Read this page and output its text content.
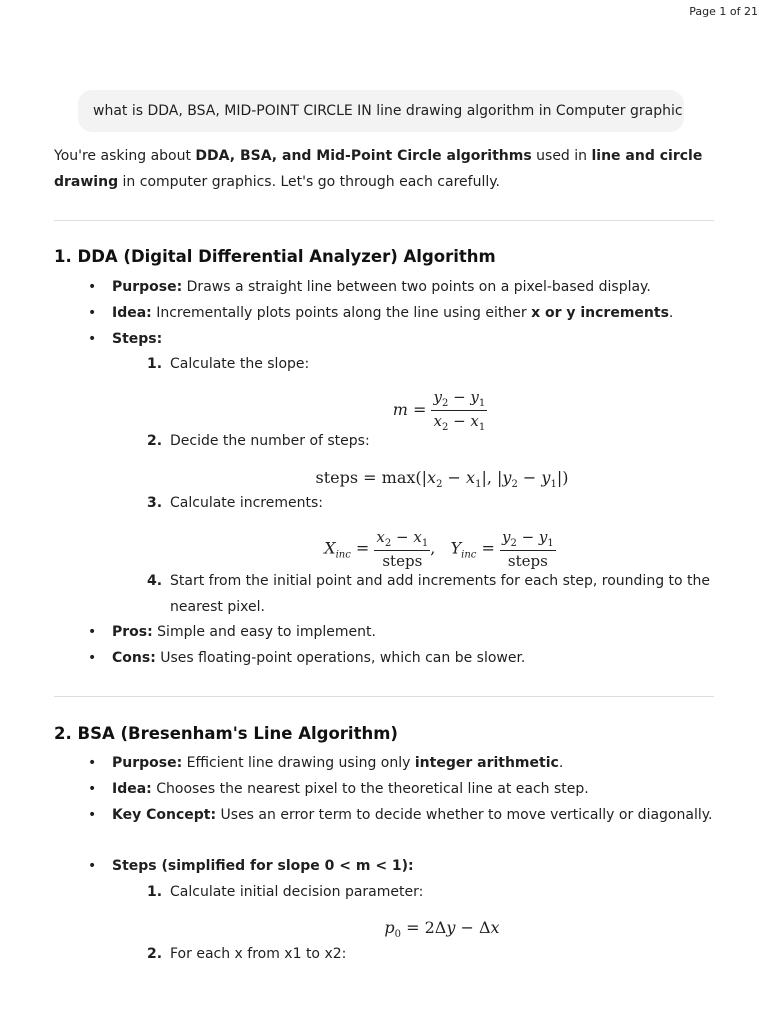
Page 1 of 21
what is DDA, BSA, MID-POINT CIRCLE IN line drawing algorithm in Computer graphic
You're asking about DDA, BSA, and Mid-Point Circle algorithms used in line and circle drawing in computer graphics. Let's go through each carefully.
1. DDA (Digital Differential Analyzer) Algorithm
• Purpose: Draws a straight line between two points on a pixel-based display.
• Idea: Incrementally plots points along the line using either x or y increments.
• Steps:
1. Calculate the slope:
$m = \frac{y_2 - y_1}{x_2 - x_1}$
2. Decide the number of steps:
steps = $\max(|x_2 - x_1|$, $|y_2 - y_1|$)
3. Calculate increments:
$X_{inc} = \frac{x_2 - x_1}{\text{steps}}$ ,   $Y_{inc} = \frac{y_2 - y_1}{\text{steps}}$
4. Start from the initial point and add increments for each step, rounding to the nearest pixel.
• Pros: Simple and easy to implement.
• Cons: Uses floating-point operations, which can be slower.
2. BSA (Bresenham's Line Algorithm)
• Purpose: Efficient line drawing using only integer arithmetic.
• Idea: Chooses the nearest pixel to the theoretical line at each step.
• Key Concept: Uses an error term to decide whether to move vertically or diagonally.
• Steps (simplified for slope 0 < m < 1):
1. Calculate initial decision parameter:
$p_0 = 2\Delta y - \Delta x$
2. For each x from x1 to x2:
